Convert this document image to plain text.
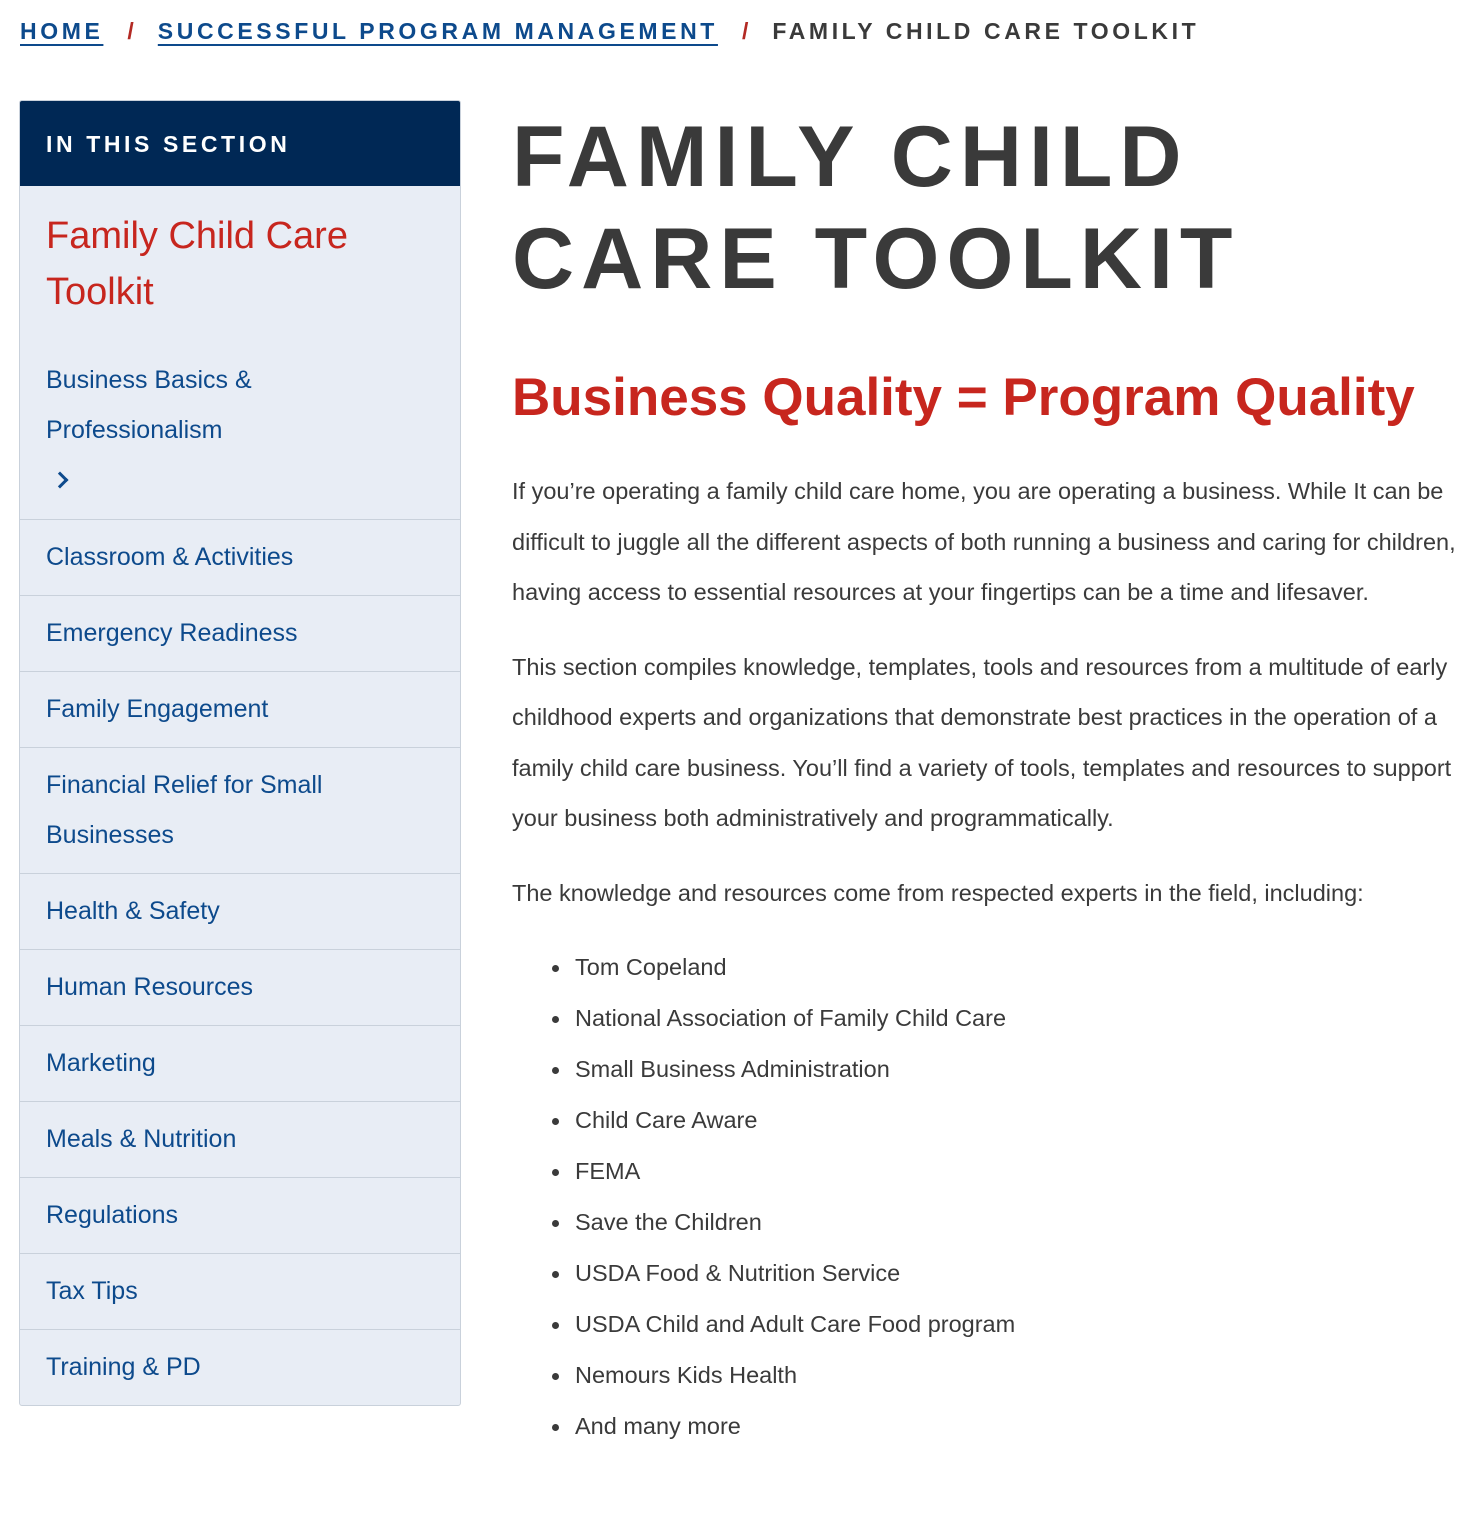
HOME / SUCCESSFUL PROGRAM MANAGEMENT / FAMILY CHILD CARE TOOLKIT
IN THIS SECTION
Family Child Care Toolkit
Business Basics & Professionalism

Classroom & Activities
Emergency Readiness
Family Engagement
Financial Relief for Small Businesses
Health & Safety
Human Resources
Marketing
Meals & Nutrition
Regulations
Tax Tips
Training & PD
FAMILY CHILD
CARE TOOLKIT
Business Quality = Program Quality

If you’re operating a family child care home, you are operating a business. While It can be difficult to juggle all the different aspects of both running a business and caring for children, having access to essential resources at your fingertips can be a time and lifesaver.

This section compiles knowledge, templates, tools and resources from a multitude of early childhood experts and organizations that demonstrate best practices in the operation of a family child care business. You’ll find a variety of tools, templates and resources to support your business both administratively and programmatically.

The knowledge and resources come from respected experts in the field, including:

Tom Copeland
National Association of Family Child Care
Small Business Administration
Child Care Aware
FEMA
Save the Children
USDA Food & Nutrition Service
USDA Child and Adult Care Food program
Nemours Kids Health
And many more
